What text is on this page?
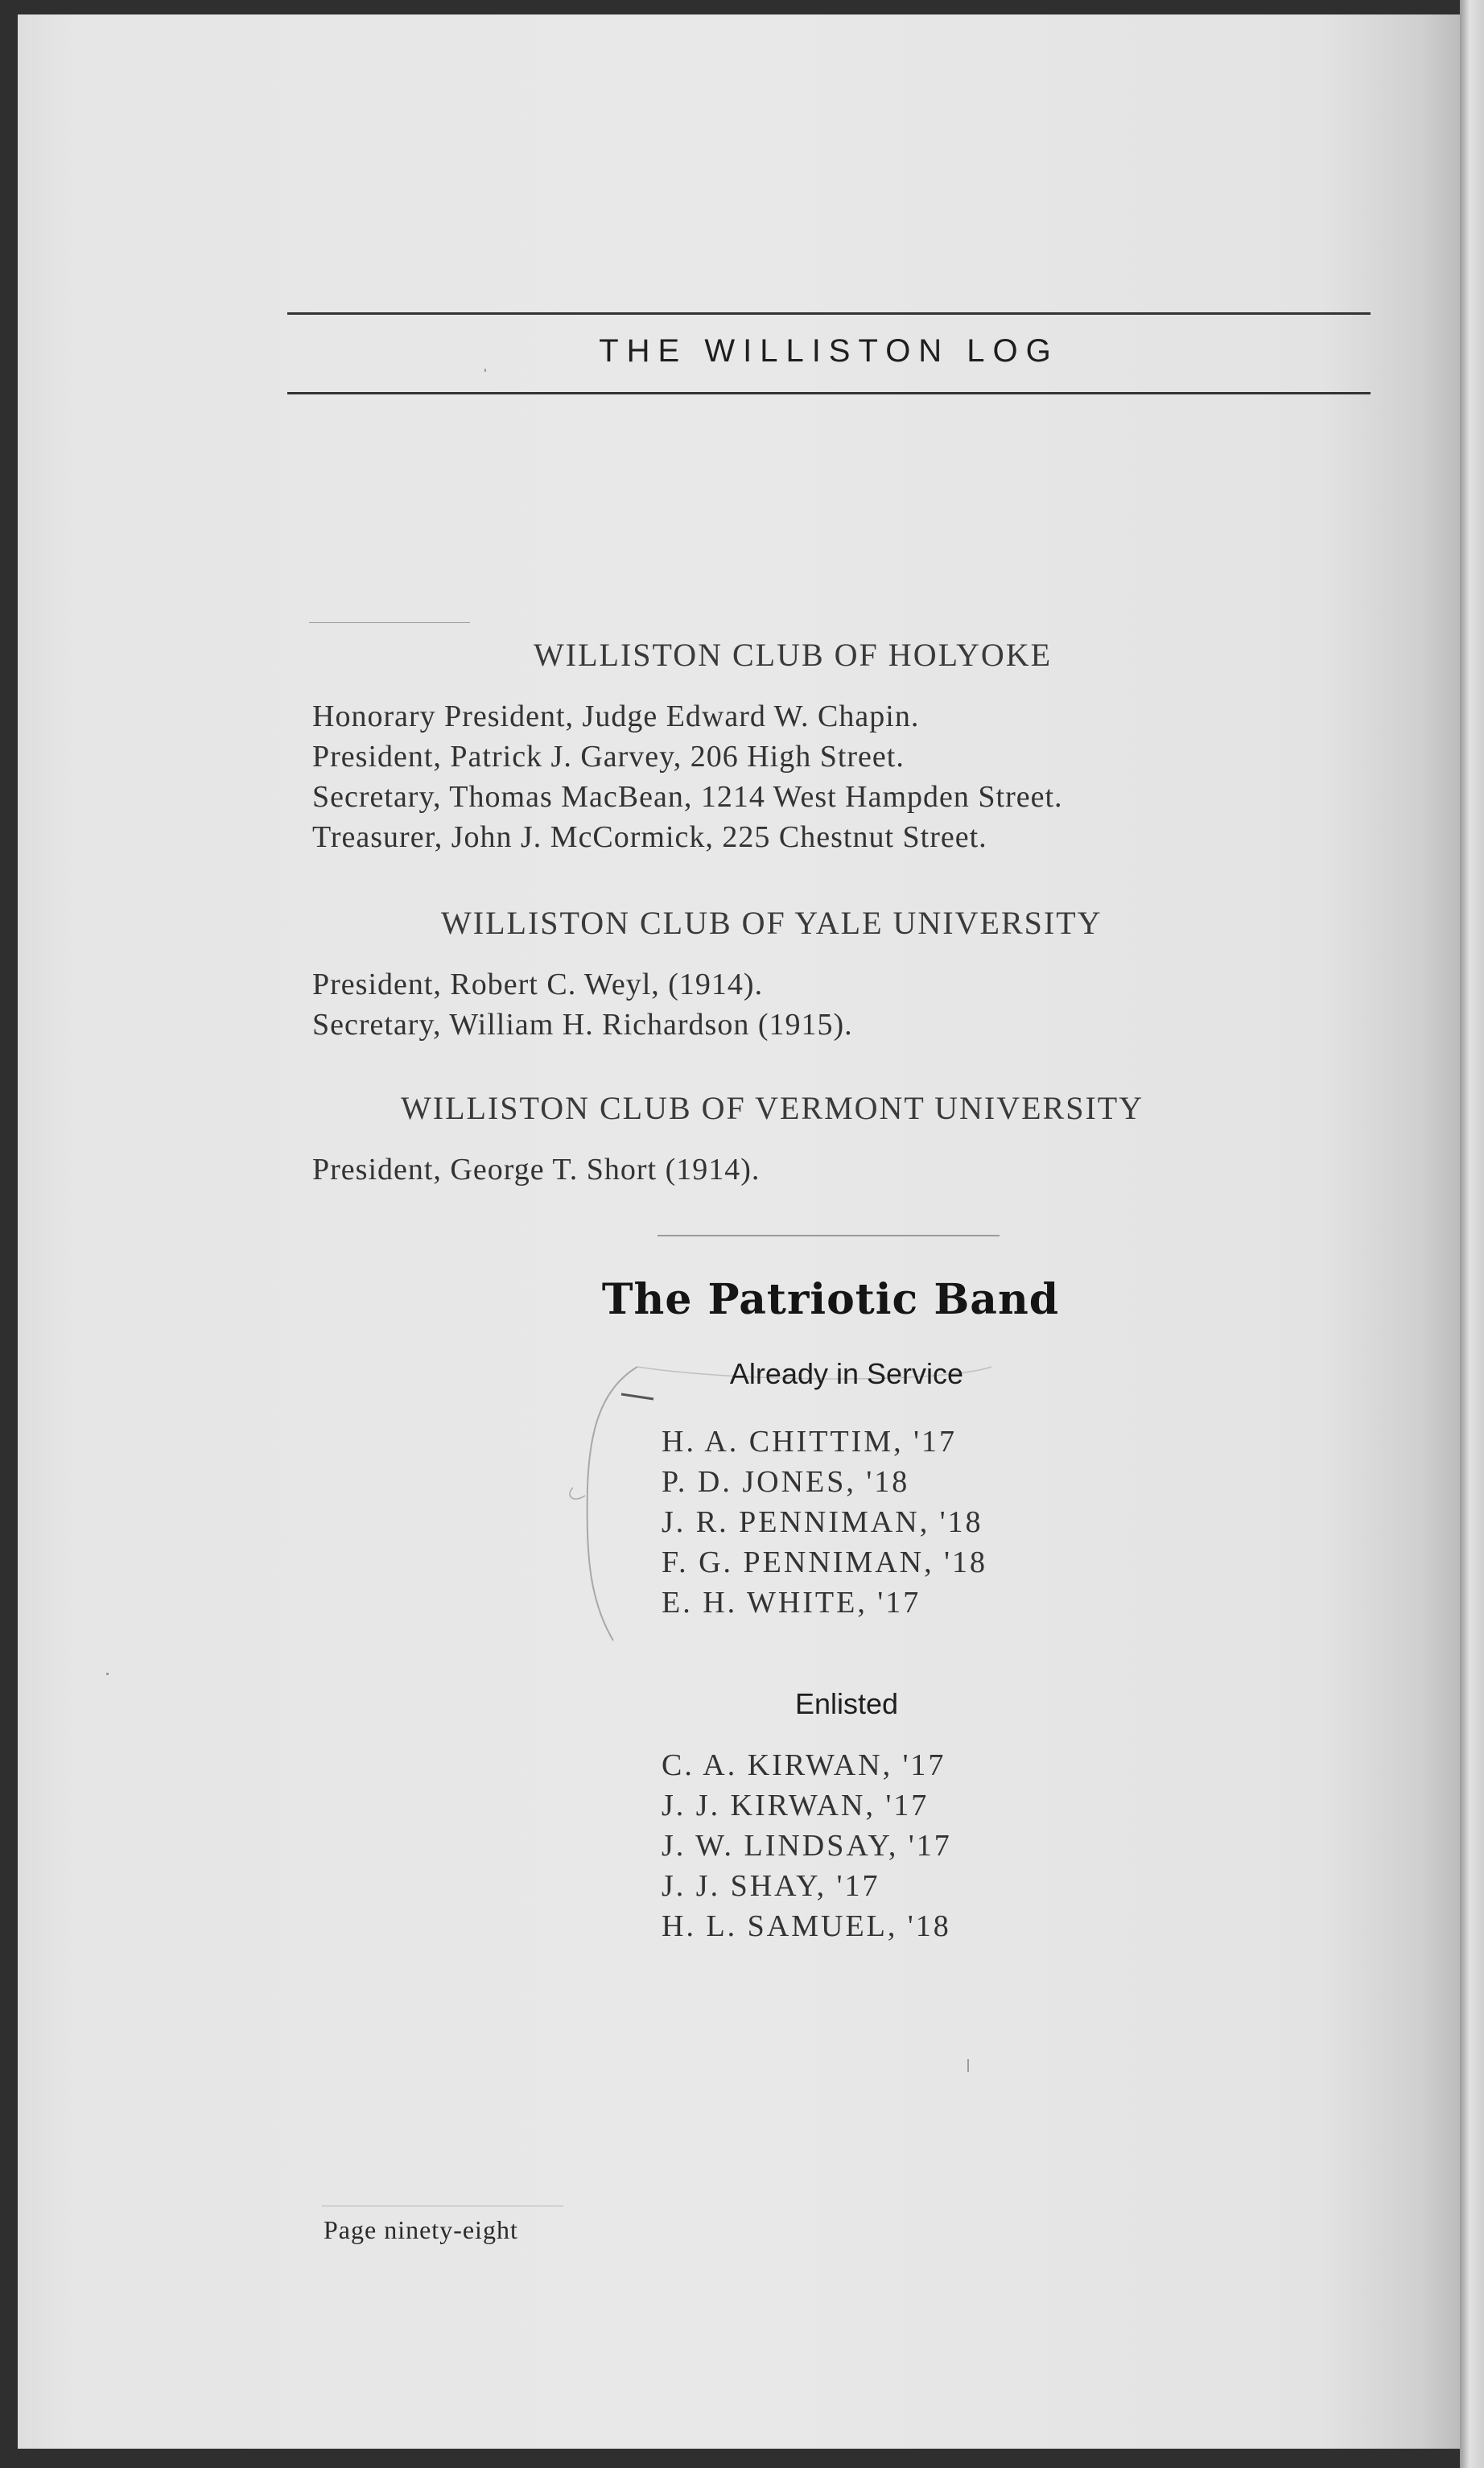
THE WILLISTON LOG
WILLISTON CLUB OF HOLYOKE
Honorary President, Judge Edward W. Chapin.
President, Patrick J. Garvey, 206 High Street.
Secretary, Thomas MacBean, 1214 West Hampden Street.
Treasurer, John J. McCormick, 225 Chestnut Street.
WILLISTON CLUB OF YALE UNIVERSITY
President, Robert C. Weyl, (1914).
Secretary, William H. Richardson (1915).
WILLISTON CLUB OF VERMONT UNIVERSITY
President, George T. Short (1914).
The Patriotic Band
Already in Service
H. A. CHITTIM, '17
P. D. JONES, '18
J. R. PENNIMAN, '18
F. G. PENNIMAN, '18
E. H. WHITE, '17
Enlisted
C. A. KIRWAN, '17
J. J. KIRWAN, '17
J. W. LINDSAY, '17
J. J. SHAY, '17
H. L. SAMUEL, '18
Page ninety-eight
